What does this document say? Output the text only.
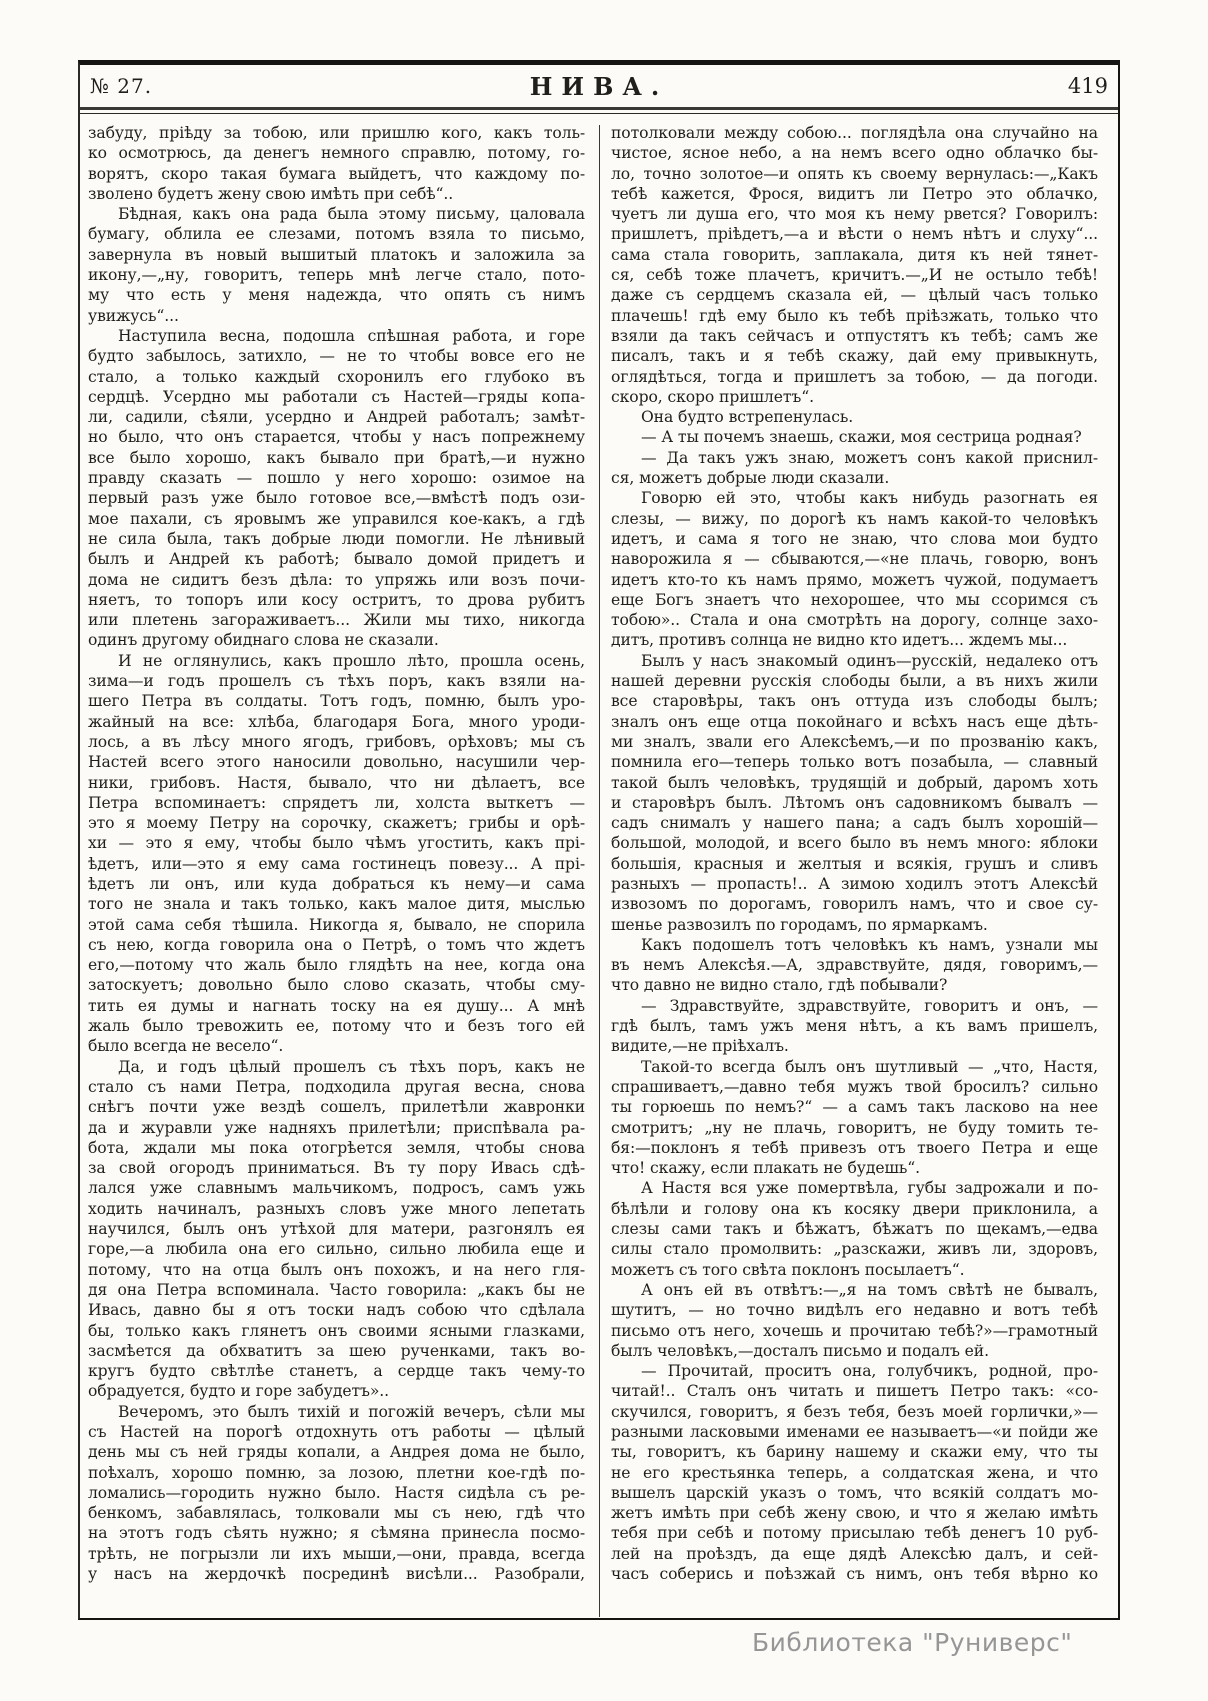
№ 27.	НИВА.	419
забуду, пріѣду за тобою, или пришлю кого, какъ толь-
ко осмотрюсь, да денегъ немного справлю, потому, го-
ворятъ, скоро такая бумага выйдетъ, что каждому по-
зволено будетъ жену свою имѣть при себѣ“..
Бѣдная, какъ она рада была этому письму, цаловала
бумагу, облила ее слезами, потомъ взяла то письмо,
завернула въ новый вышитый платокъ и заложила за
икону,—„ну, говоритъ, теперь мнѣ легче стало, пото-
му что есть у меня надежда, что опять съ нимъ
увижусь“...
Наступила весна, подошла спѣшная работа, и горе
будто забылось, затихло, — не то чтобы вовсе его не
стало, а только каждый схоронилъ его глубоко въ
сердцѣ. Усердно мы работали съ Настей—гряды копа-
ли, садили, сѣяли, усердно и Андрей работалъ; замѣт-
но было, что онъ старается, чтобы у насъ попрежнему
все было хорошо, какъ бывало при братѣ,—и нужно
правду сказать — пошло у него хорошо: озимое на
первый разъ уже было готовое все,—вмѣстѣ подъ ози-
мое пахали, съ яровымъ же управился кое-какъ, а гдѣ
не сила была, такъ добрые люди помогли. Не лѣнивый
былъ и Андрей къ работѣ; бывало домой придетъ и
дома не сидитъ безъ дѣла: то упряжь или возъ почи-
няетъ, то топоръ или косу остритъ, то дрова рубитъ
или плетень загораживаетъ... Жили мы тихо, никогда
одинъ другому обиднаго слова не сказали.
И не оглянулись, какъ прошло лѣто, прошла осень,
зима—и годъ прошелъ съ тѣхъ поръ, какъ взяли на-
шего Петра въ солдаты. Тотъ годъ, помню, былъ уро-
жайный на все: хлѣба, благодаря Бога, много уроди-
лось, а въ лѣсу много ягодъ, грибовъ, орѣховъ; мы съ
Настей всего этого наносили довольно, насушили чер-
ники, грибовъ. Настя, бывало, что ни дѣлаетъ, все
Петра вспоминаетъ: спрядетъ ли, холста выткетъ —
это я моему Петру на сорочку, скажетъ; грибы и орѣ-
хи — это я ему, чтобы было чѣмъ угостить, какъ прі-
ѣдетъ, или—это я ему сама гостинецъ повезу... А прі-
ѣдетъ ли онъ, или куда добраться къ нему—и сама
того не знала и такъ только, какъ малое дитя, мыслью
этой сама себя тѣшила. Никогда я, бывало, не спорила
съ нею, когда говорила она о Петрѣ, о томъ что ждетъ
его,—потому что жаль было глядѣть на нее, когда она
затоскуетъ; довольно было слово сказать, чтобы сму-
тить ея думы и нагнать тоску на ея душу... А мнѣ
жаль было тревожить ее, потому что и безъ того ей
было всегда не весело“.
Да, и годъ цѣлый прошелъ съ тѣхъ поръ, какъ не
стало съ нами Петра, подходила другая весна, снова
снѣгъ почти уже вездѣ сошелъ, прилетѣли жавронки
да и журавли уже надняхъ прилетѣли; приспѣвала ра-
бота, ждали мы пока отогрѣется земля, чтобы снова
за свой огородъ приниматься. Въ ту пору Ивась сдѣ-
лался уже славнымъ мальчикомъ, подросъ, самъ ужь
ходить начиналъ, разныхъ словъ уже много лепетать
научился, былъ онъ утѣхой для матери, разгонялъ ея
горе,—а любила она его сильно, сильно любила еще и
потому, что на отца былъ онъ похожъ, и на него гля-
дя она Петра вспоминала. Часто говорила: „какъ бы не
Ивась, давно бы я отъ тоски надъ собою что сдѣлала
бы, только какъ глянетъ онъ своими ясными глазками,
засмѣется да обхватитъ за шею рученками, такъ во-
кругъ будто свѣтлѣе станетъ, а сердце такъ чему-то
обрадуется, будто и горе забудетъ»..
Вечеромъ, это былъ тихій и погожій вечеръ, сѣли мы
съ Настей на порогѣ отдохнуть отъ работы — цѣлый
день мы съ ней гряды копали, а Андрея дома не было,
поѣхалъ, хорошо помню, за лозою, плетни кое-гдѣ по-
ломались—городить нужно было. Настя сидѣла съ ре-
бенкомъ, забавлялась, толковали мы съ нею, гдѣ что
на этотъ годъ сѣять нужно; я сѣмяна принесла посмо-
трѣть, не погрызли ли ихъ мыши,—они, правда, всегда
у насъ на жердочкѣ посрединѣ висѣли... Разобрали,
потолковали между собою... поглядѣла она случайно на
чистое, ясное небо, а на немъ всего одно облачко бы-
ло, точно золотое—и опять къ своему вернулась:—„Какъ
тебѣ кажется, Фрося, видитъ ли Петро это облачко,
чуетъ ли душа его, что моя къ нему рвется? Говорилъ:
пришлетъ, пріѣдетъ,—а и вѣсти о немъ нѣтъ и слуху“...
сама стала говорить, заплакала, дитя къ ней тянет-
ся, себѣ тоже плачетъ, кричитъ.—„И не остыло тебѣ!
даже съ сердцемъ сказала ей, — цѣлый часъ только
плачешь! гдѣ ему было къ тебѣ пріѣзжать, только что
взяли да такъ сейчасъ и отпустятъ къ тебѣ; самъ же
писалъ, такъ и я тебѣ скажу, дай ему привыкнуть,
оглядѣться, тогда и пришлетъ за тобою, — да погоди.
скоро, скоро пришлетъ“.
Она будто встрепенулась.
— А ты почемъ знаешь, скажи, моя сестрица родная?
— Да такъ ужъ знаю, можетъ сонъ какой приснил-
ся, можетъ добрые люди сказали.
Говорю ей это, чтобы какъ нибудь разогнать ея
слезы, — вижу, по дорогѣ къ намъ какой-то человѣкъ
идетъ, и сама я того не знаю, что слова мои будто
наворожила я — сбываются,—«не плачь, говорю, вонъ
идетъ кто-то къ намъ прямо, можетъ чужой, подумаетъ
еще Богъ знаетъ что нехорошее, что мы ссоримся съ
тобою».. Стала и она смотрѣть на дорогу, солнце захо-
дитъ, противъ солнца не видно кто идетъ... ждемъ мы...
Былъ у насъ знакомый одинъ—русскій, недалеко отъ
нашей деревни русскія слободы были, а въ нихъ жили
все старовѣры, такъ онъ оттуда изъ слободы былъ;
зналъ онъ еще отца покойнаго и всѣхъ насъ еще дѣть-
ми зналъ, звали его Алексѣемъ,—и по прозванію какъ,
помнила его—теперь только вотъ позабыла, — славный
такой былъ человѣкъ, трудящій и добрый, даромъ хоть
и старовѣръ былъ. Лѣтомъ онъ садовникомъ бывалъ —
садъ снималъ у нашего пана; а садъ былъ хорошій—
большой, молодой, и всего было въ немъ много: яблоки
большія, красныя и желтыя и всякія, грушъ и сливъ
разныхъ — пропасть!.. А зимою ходилъ этотъ Алексѣй
извозомъ по дорогамъ, говорилъ намъ, что и свое су-
шенье развозилъ по городамъ, по ярмаркамъ.
Какъ подошелъ тотъ человѣкъ къ намъ, узнали мы
въ немъ Алексѣя.—А, здравствуйте, дядя, говоримъ,—
что давно не видно стало, гдѣ побывали?
— Здравствуйте, здравствуйте, говоритъ и онъ, —
гдѣ былъ, тамъ ужъ меня нѣтъ, а къ вамъ пришелъ,
видите,—не пріѣхалъ.
Такой-то всегда былъ онъ шутливый — „что, Настя,
спрашиваетъ,—давно тебя мужъ твой бросилъ? сильно
ты горюешь по немъ?“ — а самъ такъ ласково на нее
смотритъ; „ну не плачь, говоритъ, не буду томить те-
бя:—поклонъ я тебѣ привезъ отъ твоего Петра и еще
что! скажу, если плакать не будешь“.
А Настя вся уже помертвѣла, губы задрожали и по-
бѣлѣли и голову она къ косяку двери приклонила, а
слезы сами такъ и бѣжатъ, бѣжатъ по щекамъ,—едва
силы стало промолвить: „разскажи, живъ ли, здоровъ,
можетъ съ того свѣта поклонъ посылаетъ“.
А онъ ей въ отвѣтъ:—„я на томъ свѣтѣ не бывалъ,
шутитъ, — но точно видѣлъ его недавно и вотъ тебѣ
письмо отъ него, хочешь и прочитаю тебѣ?»—грамотный
былъ человѣкъ,—досталъ письмо и подалъ ей.
— Прочитай, проситъ она, голубчикъ, родной, про-
читай!.. Сталъ онъ читать и пишетъ Петро такъ: «со-
скучился, говоритъ, я безъ тебя, безъ моей горлички,»—
разными ласковыми именами ее называетъ—«и пойди же
ты, говоритъ, къ барину нашему и скажи ему, что ты
не его крестьянка теперь, а солдатская жена, и что
вышелъ царскій указъ о томъ, что всякій солдатъ мо-
жетъ имѣть при себѣ жену свою, и что я желаю имѣть
тебя при себѣ и потому присылаю тебѣ денегъ 10 руб-
лей на проѣздъ, да еще дядѣ Алексѣю далъ, и сей-
часъ соберись и поѣзжай съ нимъ, онъ тебя вѣрно ко
Библиотека "Руниверс"
